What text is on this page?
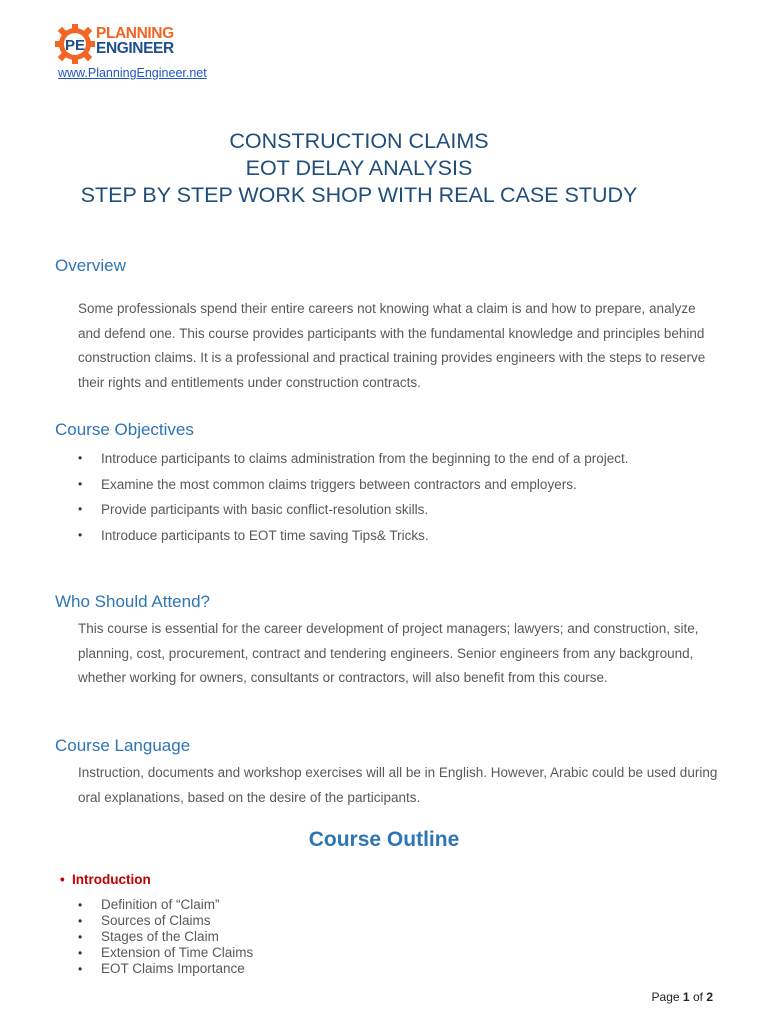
PE
PLANNING
ENGINEER
www.PlanningEngineer.net
CONSTRUCTION CLAIMS
EOT DELAY ANALYSIS
STEP BY STEP WORK SHOP WITH REAL CASE STUDY
Overview

Some professionals spend their entire careers not knowing what a claim is and how to prepare, analyze and defend one. This course provides participants with the fundamental knowledge and principles behind construction claims. It is a professional and practical training provides engineers with the steps to reserve their rights and entitlements under construction contracts.

Course Objectives
• Introduce participants to claims administration from the beginning to the end of a project.
• Examine the most common claims triggers between contractors and employers.
• Provide participants with basic conflict-resolution skills.
• Introduce participants to EOT time saving Tips& Tricks.
Who Should Attend?

This course is essential for the career development of project managers; lawyers; and construction, site, planning, cost, procurement, contract and tendering engineers. Senior engineers from any background, whether working for owners, consultants or contractors, will also benefit from this course.

Course Language

Instruction, documents and workshop exercises will all be in English. However, Arabic could be used during oral explanations, based on the desire of the participants.

Course Outline
• Introduction
• Definition of “Claim”
• Sources of Claims
• Stages of the Claim
• Extension of Time Claims
• EOT Claims Importance
Page 1 of 2
